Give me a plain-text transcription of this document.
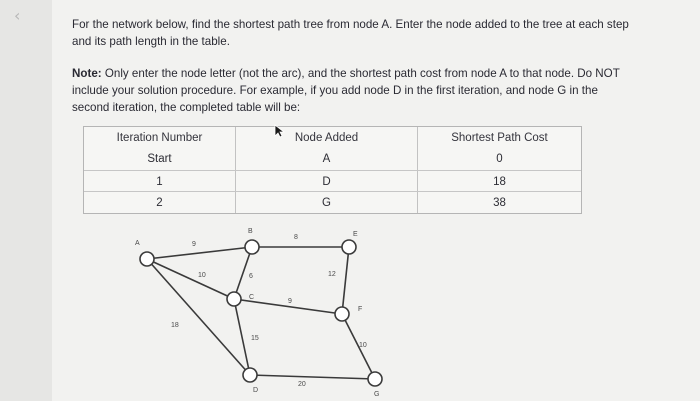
‹	For the network below, find the shortest path tree from node A. Enter the node added to the tree at each step and its path length in the table.
Note: Only enter the node letter (not the arc), and the shortest path cost from node A to that node. Do NOT include your solution procedure. For example, if you add node D in the first iteration, and node G in the second iteration, the completed table will be:
Iteration Number	Node Added	Shortest Path Cost
Start	A	0
1	D	18
2	G	38
A
B
C
D
E
F
G
9
10
18
6
8
15
9
12
10
20
